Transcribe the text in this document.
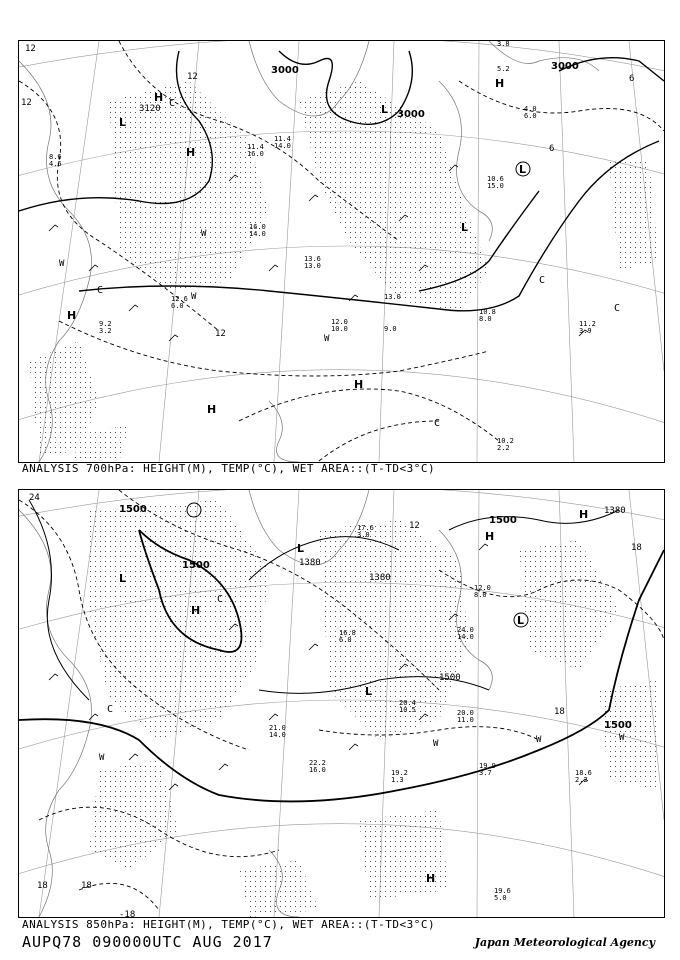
11.2
3.9
10.2
2.2
10.8
8.0
13.0
9.0
12.0
10.0
11.4
16.0
16.0
14.0
8.6
4.6
9.2
3.2
10.6
15.0
12.6
6.0
13.6
13.0
11.4
14.0
3.8
5.2
4.0
6.0
3000
3000
3000
3120
12
12
12
12
6
6
H
H
H
H
H
H
L
L
L
L
C
C
C
C
C
W
W
W
W
ANALYSIS 700hPa: HEIGHT(M), TEMP(°C), WET AREA::(T-TD<3°C)
19.9
3.7	18.6
2.2
19.6
5.0
19.2
1.3
20.0
11.0
24.0
14.0
22.2
16.0
17.6
3.0
12.0
8.0
16.8
6.0
20.4
10.5
21.0
14.0
1500
1500
1500
1500
1380
1380
1380
1500
24
18
18	18
12
18
-18
H
H
H
H
L
L
L
L
C
C
W
W	W	W
ANALYSIS 850hPa: HEIGHT(M), TEMP(°C), WET AREA::(T-TD<3°C)
AUPQ78 090000UTC AUG 2017	Japan Meteorological Agency
